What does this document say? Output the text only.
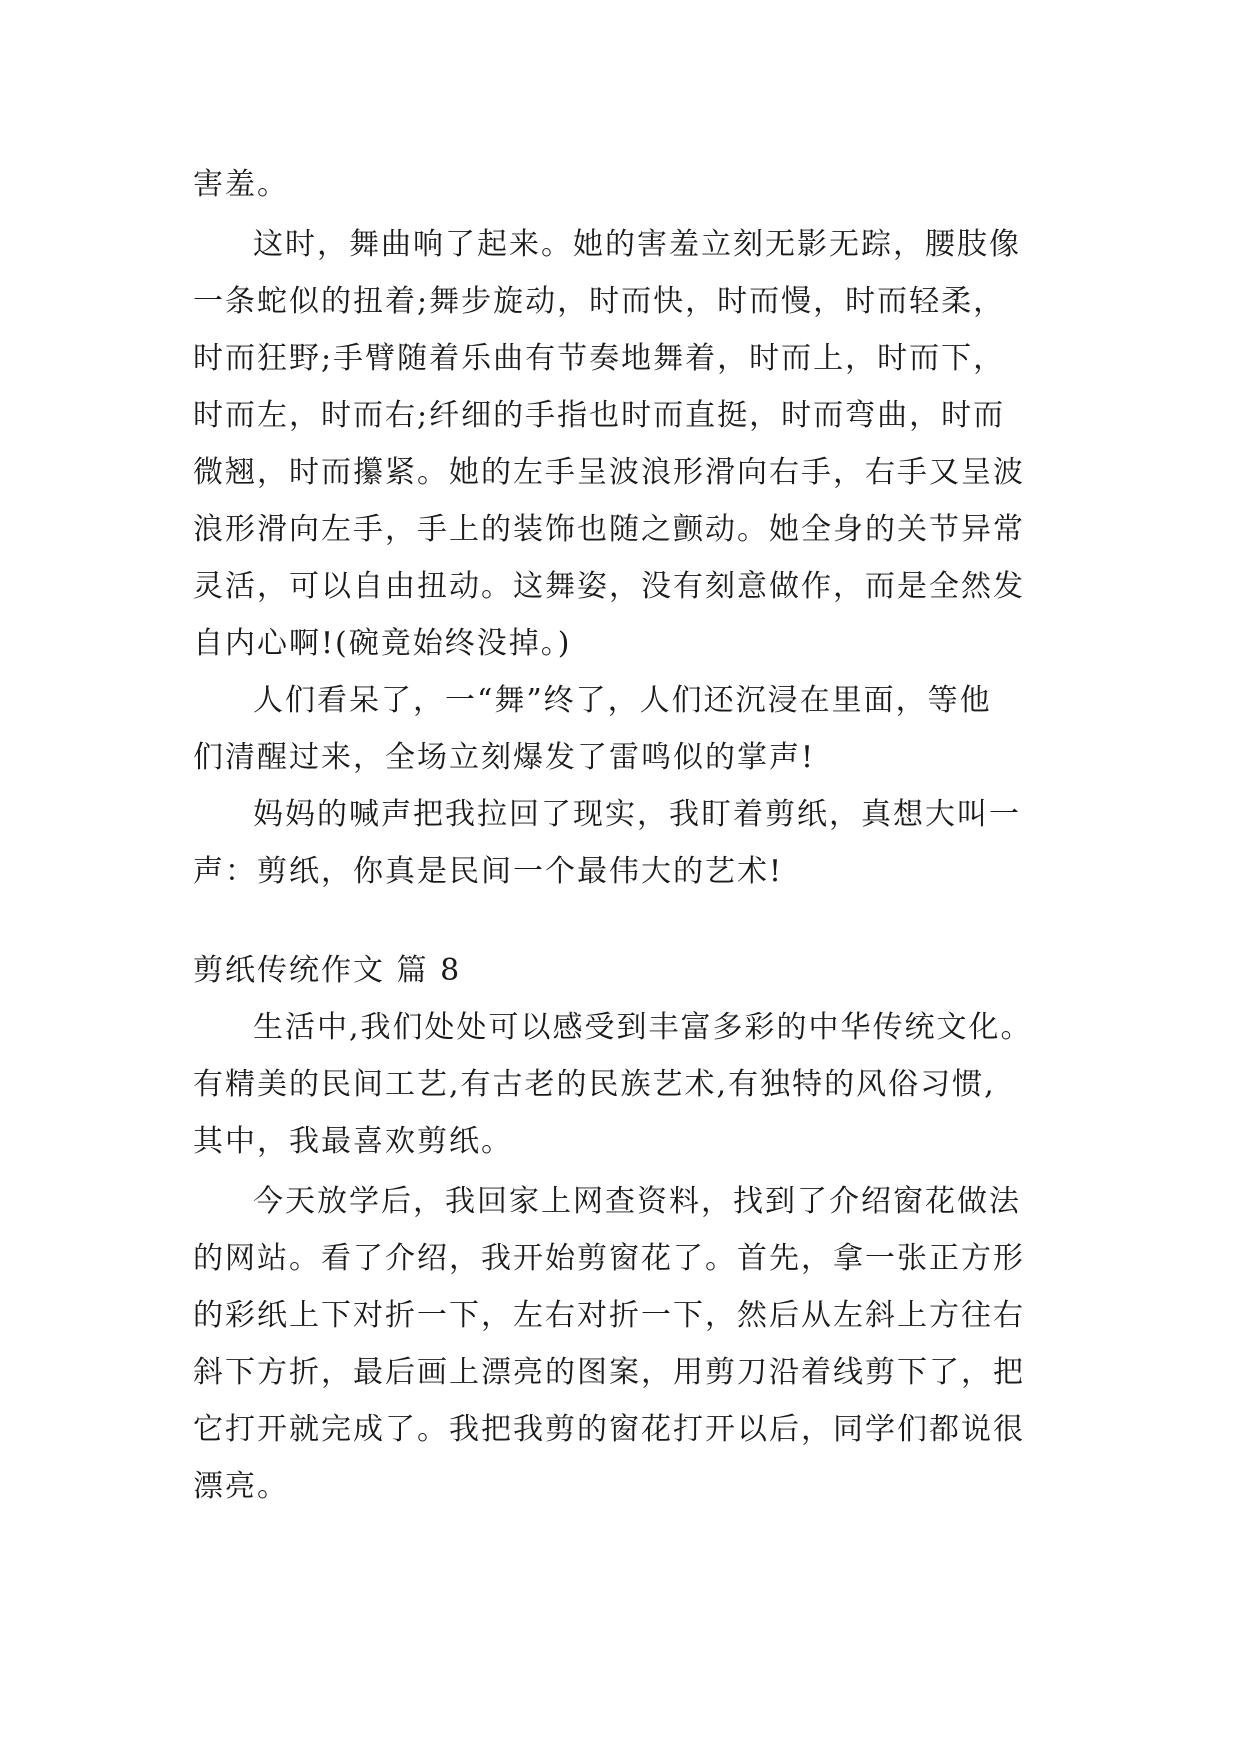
害羞。
这时，舞曲响了起来。她的害羞立刻无影无踪，腰肢像
一条蛇似的扭着;舞步旋动，时而快，时而慢，时而轻柔，
时而狂野;手臂随着乐曲有节奏地舞着，时而上，时而下，
时而左，时而右;纤细的手指也时而直挺，时而弯曲，时而
微翘，时而攥紧。她的左手呈波浪形滑向右手，右手又呈波
浪形滑向左手，手上的装饰也随之颤动。她全身的关节异常
灵活，可以自由扭动。这舞姿，没有刻意做作，而是全然发
自内心啊!(碗竟始终没掉。)
人们看呆了，一“舞”终了，人们还沉浸在里面，等他
们清醒过来，全场立刻爆发了雷鸣似的掌声!
妈妈的喊声把我拉回了现实，我盯着剪纸，真想大叫一
声：剪纸，你真是民间一个最伟大的艺术!
剪纸传统作文 篇 8
生活中,我们处处可以感受到丰富多彩的中华传统文化。
有精美的民间工艺,有古老的民族艺术,有独特的风俗习惯,
其中，我最喜欢剪纸。
今天放学后，我回家上网查资料，找到了介绍窗花做法
的网站。看了介绍，我开始剪窗花了。首先，拿一张正方形
的彩纸上下对折一下，左右对折一下，然后从左斜上方往右
斜下方折，最后画上漂亮的图案，用剪刀沿着线剪下了，把
它打开就完成了。我把我剪的窗花打开以后，同学们都说很
漂亮。
